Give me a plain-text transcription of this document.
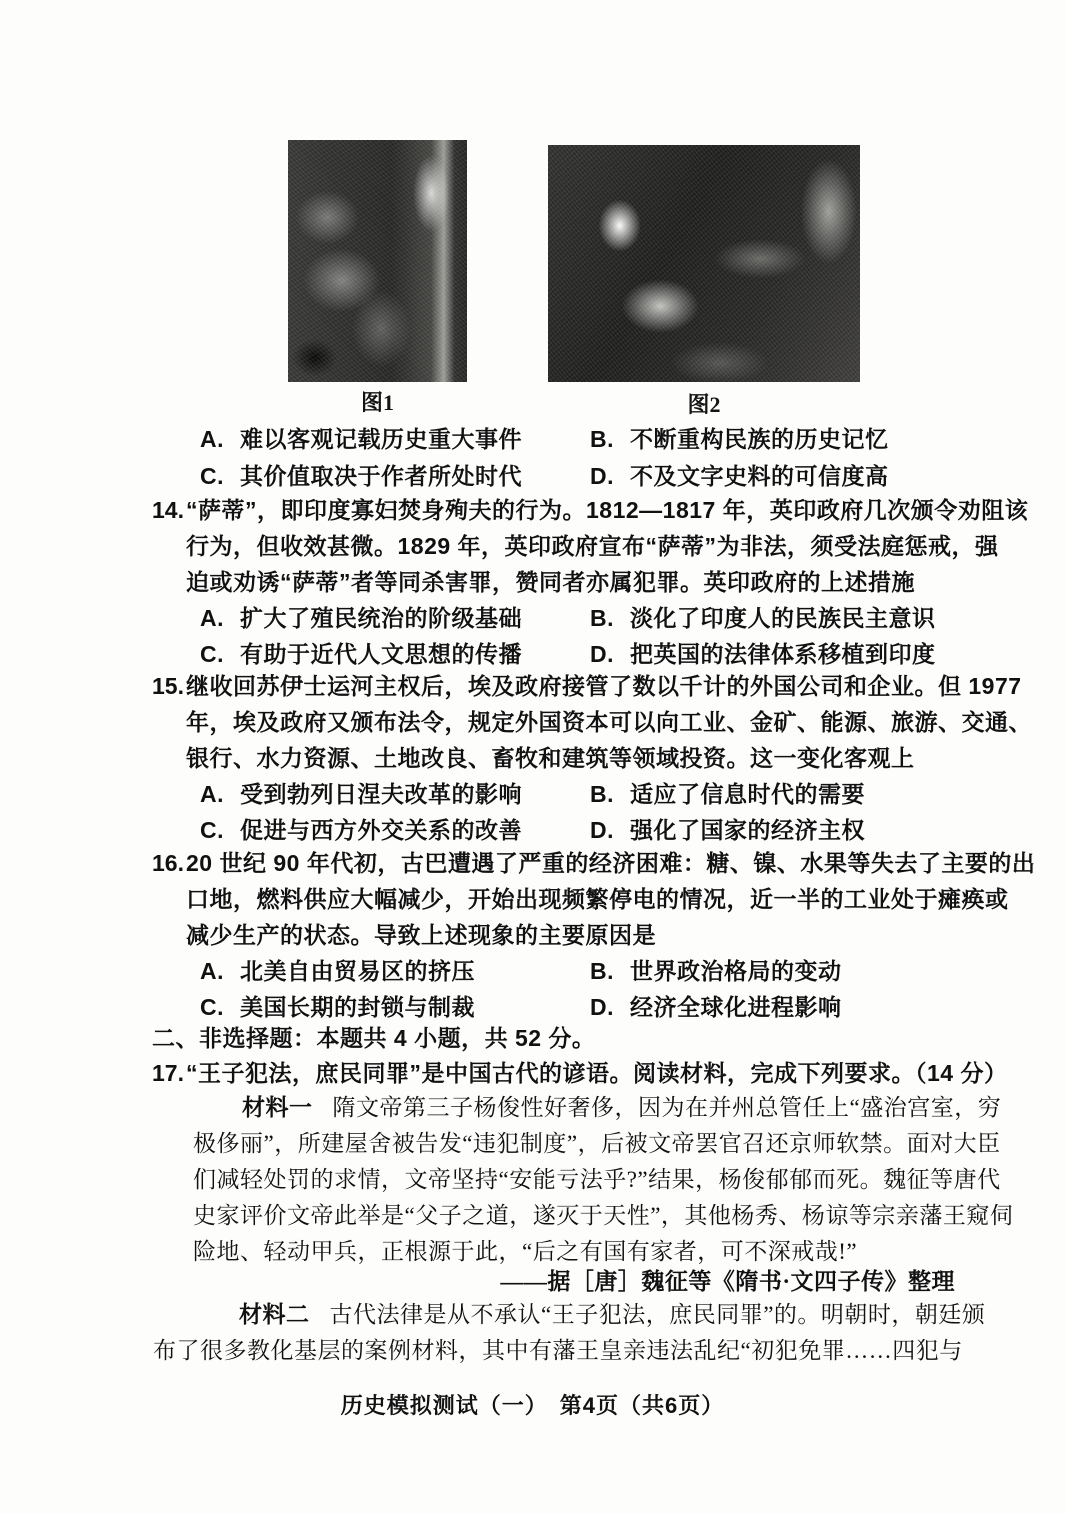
图1	图2
A. 难以客观记载历史重大事件	B. 不断重构民族的历史记忆
C. 其价值取决于作者所处时代	D. 不及文字史料的可信度高
14. “萨蒂”，即印度寡妇焚身殉夫的行为。1812—1817 年，英印政府几次颁令劝阻该
行为，但收效甚微。1829 年，英印政府宣布“萨蒂”为非法，须受法庭惩戒，强
迫或劝诱“萨蒂”者等同杀害罪，赞同者亦属犯罪。英印政府的上述措施
A. 扩大了殖民统治的阶级基础	B. 淡化了印度人的民族民主意识
C. 有助于近代人文思想的传播	D. 把英国的法律体系移植到印度
15. 继收回苏伊士运河主权后，埃及政府接管了数以千计的外国公司和企业。但 1977
年，埃及政府又颁布法令，规定外国资本可以向工业、金矿、能源、旅游、交通、
银行、水力资源、土地改良、畜牧和建筑等领域投资。这一变化客观上
A. 受到勃列日涅夫改革的影响	B. 适应了信息时代的需要
C. 促进与西方外交关系的改善	D. 强化了国家的经济主权
16. 20 世纪 90 年代初，古巴遭遇了严重的经济困难：糖、镍、水果等失去了主要的出
口地，燃料供应大幅减少，开始出现频繁停电的情况，近一半的工业处于瘫痪或
减少生产的状态。导致上述现象的主要原因是
A. 北美自由贸易区的挤压	B. 世界政治格局的变动
C. 美国长期的封锁与制裁	D. 经济全球化进程影响
二、非选择题：本题共 4 小题，共 52 分。
17. “王子犯法，庶民同罪”是中国古代的谚语。阅读材料，完成下列要求。（14 分）
材料一 隋文帝第三子杨俊性好奢侈，因为在并州总管任上“盛治宫室，穷
极侈丽”，所建屋舍被告发“违犯制度”，后被文帝罢官召还京师软禁。面对大臣
们减轻处罚的求情，文帝坚持“安能亏法乎?”结果，杨俊郁郁而死。魏征等唐代
史家评价文帝此举是“父子之道，遂灭于天性”，其他杨秀、杨谅等宗亲藩王窥伺
险地、轻动甲兵，正根源于此，“后之有国有家者，可不深戒哉!”
——据［唐］魏征等《隋书·文四子传》整理
材料二 古代法律是从不承认“王子犯法，庶民同罪”的。明朝时，朝廷颁
布了很多教化基层的案例材料，其中有藩王皇亲违法乱纪“初犯免罪……四犯与
历史模拟测试（一）　第4页（共6页）
